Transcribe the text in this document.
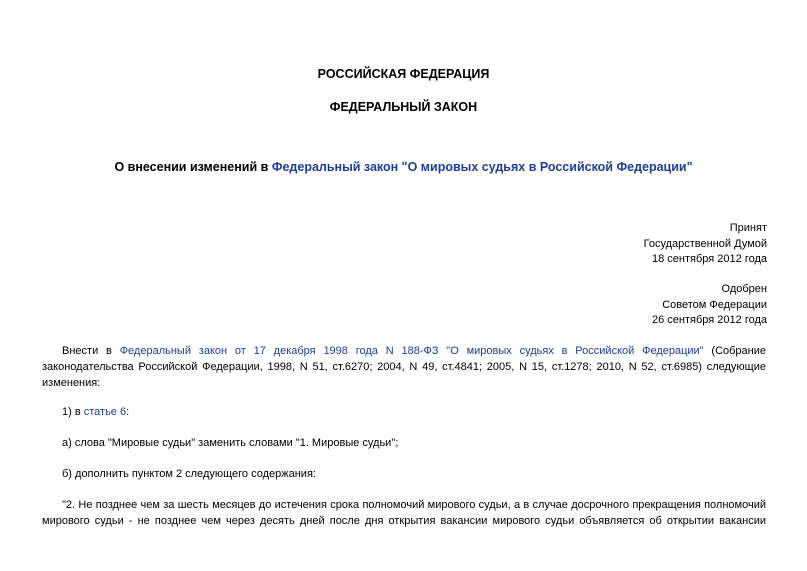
РОССИЙСКАЯ ФЕДЕРАЦИЯ
ФЕДЕРАЛЬНЫЙ ЗАКОН
О внесении изменений в Федеральный закон "О мировых судьях в Российской Федерации"
Принят
Государственной Думой
18 сентября 2012 года
Одобрен
Советом Федерации
26 сентября 2012 года
Внести в Федеральный закон от 17 декабря 1998 года N 188-ФЗ "О мировых судьях в Российской Федерации" (Собрание
законодательства Российской Федерации, 1998, N 51, ст.6270; 2004, N 49, ст.4841; 2005, N 15, ст.1278; 2010, N 52, ст.6985) следующие
изменения:
1) в статье 6:
а) слова "Мировые судьи" заменить словами "1. Мировые судьи";
б) дополнить пунктом 2 следующего содержания:
"2. Не позднее чем за шесть месяцев до истечения срока полномочий мирового судьи, а в случае досрочного прекращения полномочий
мирового судьи - не позднее чем через десять дней после дня открытия вакансии мирового судьи объявляется об открытии вакансии
